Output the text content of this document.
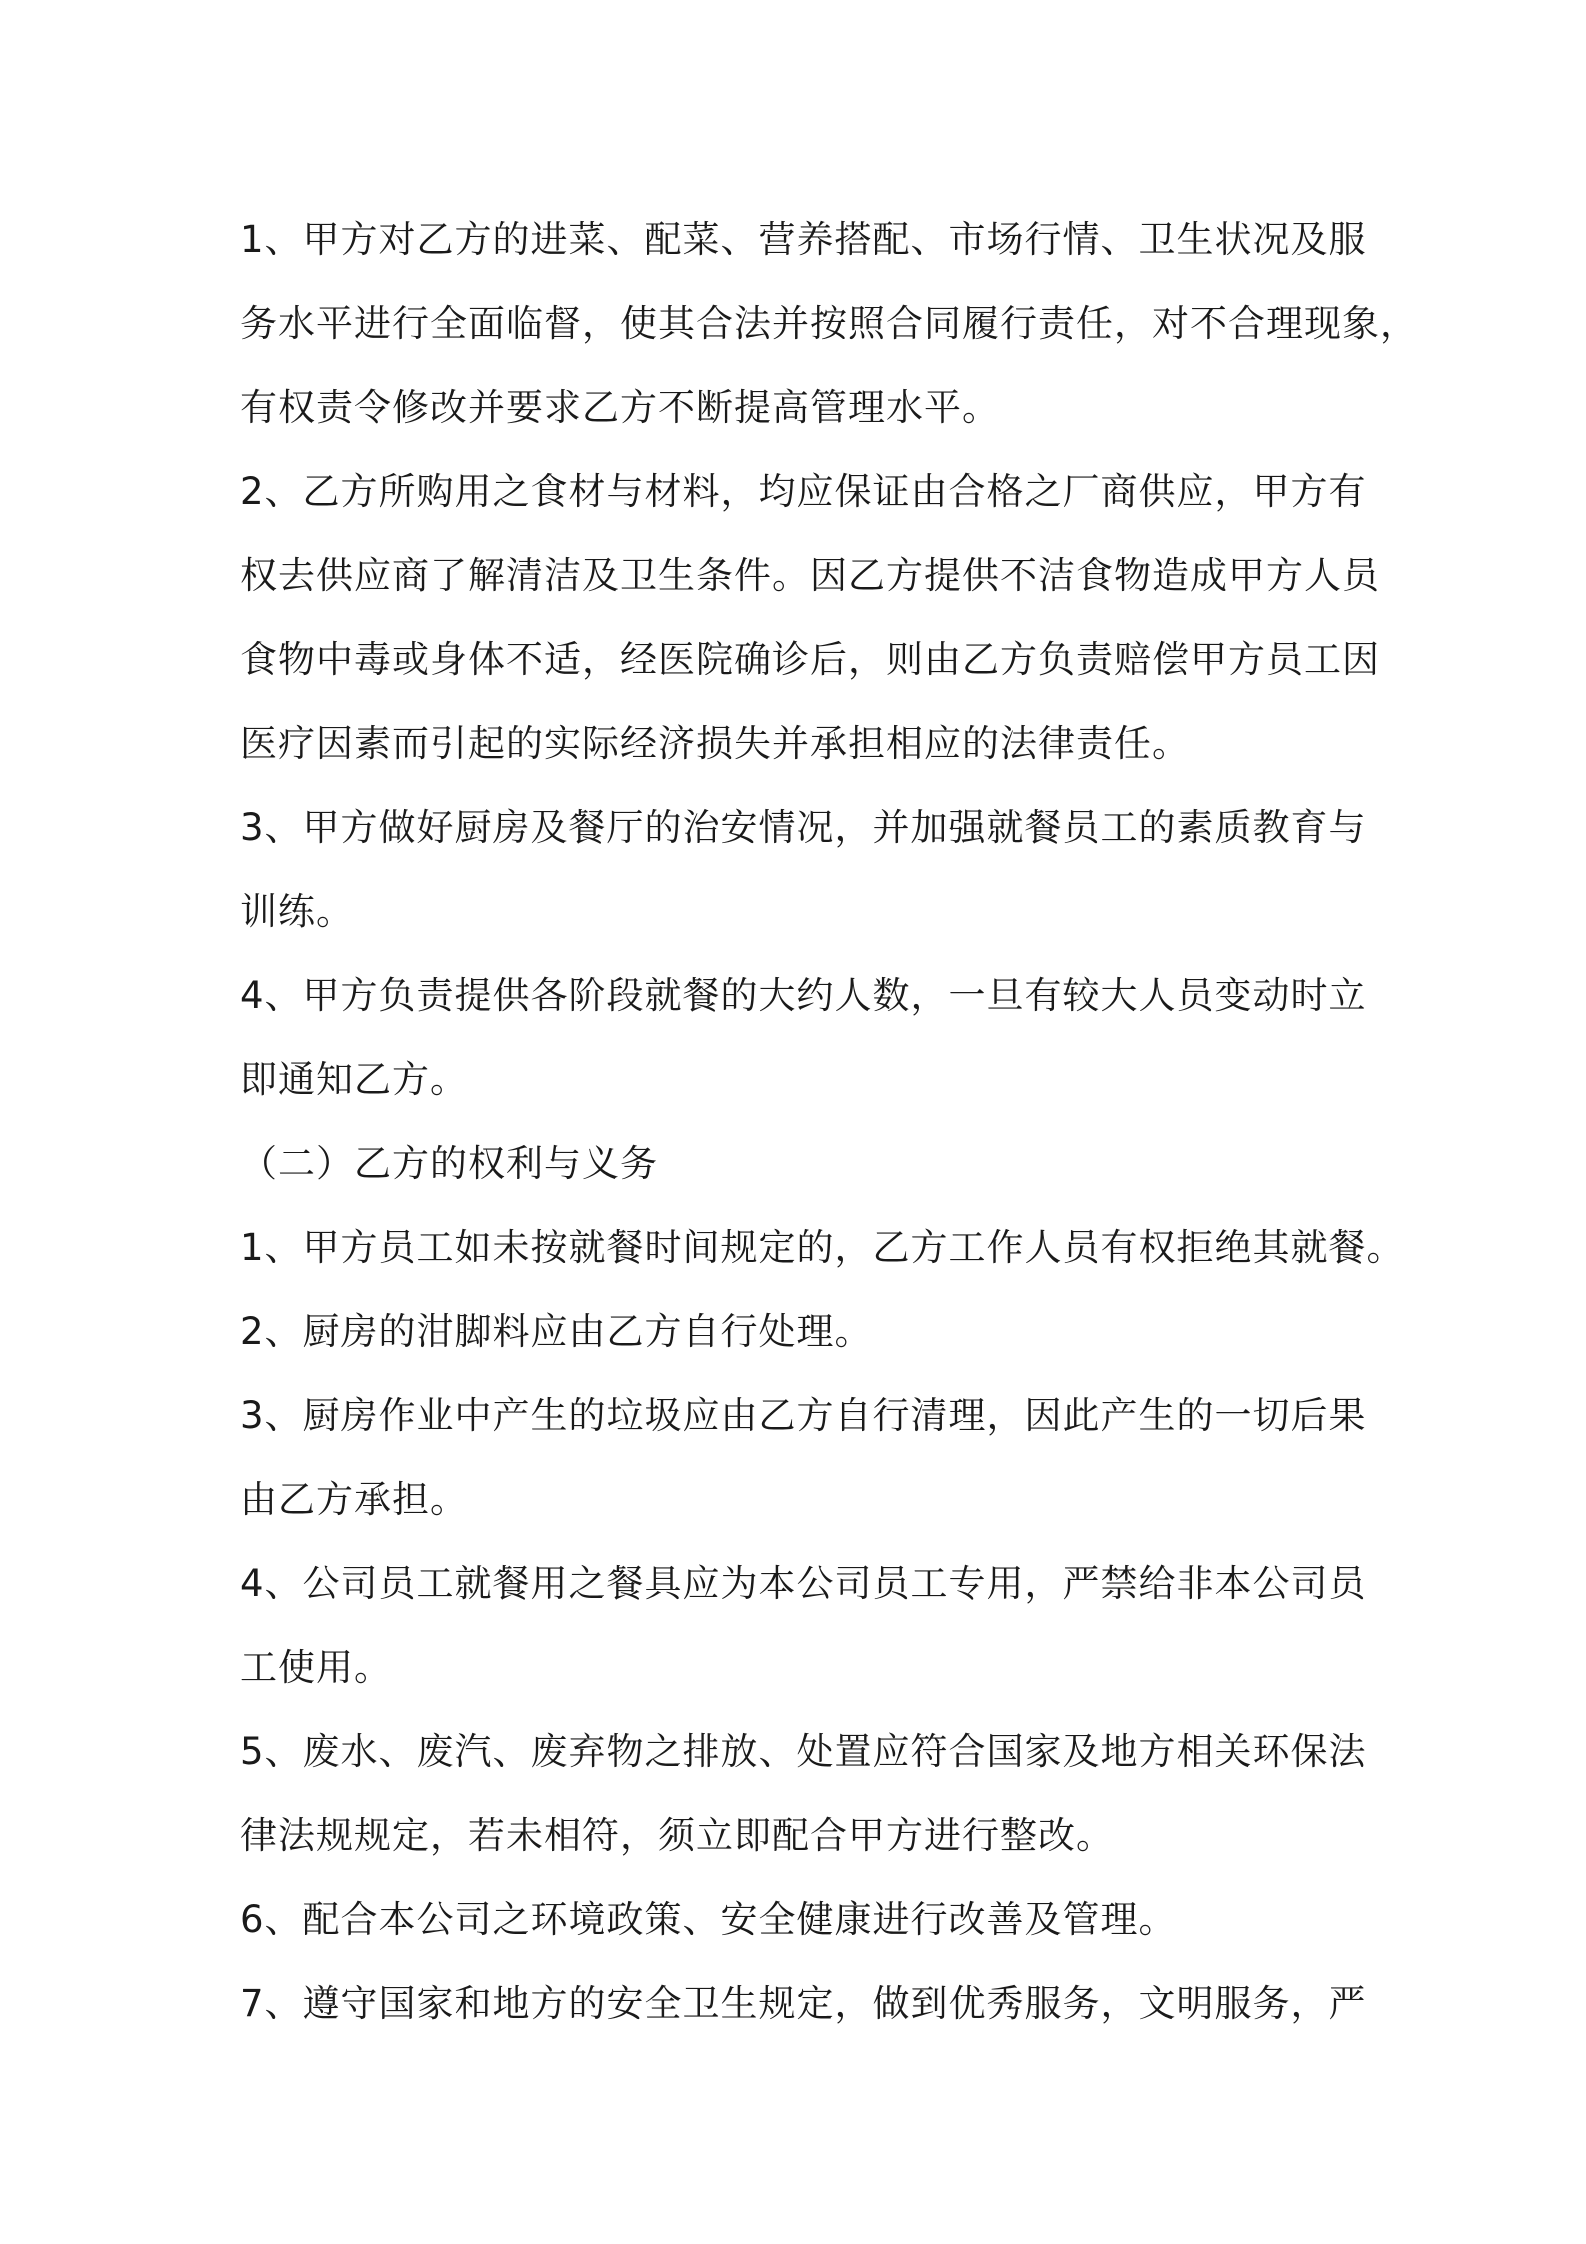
1、甲方对乙方的进菜、配菜、营养搭配、市场行情、卫生状况及服
务水平进行全面临督，使其合法并按照合同履行责任，对不合理现象，
有权责令修改并要求乙方不断提高管理水平。
2、乙方所购用之食材与材料，均应保证由合格之厂商供应，甲方有
权去供应商了解清洁及卫生条件。因乙方提供不洁食物造成甲方人员
食物中毒或身体不适，经医院确诊后，则由乙方负责赔偿甲方员工因
医疗因素而引起的实际经济损失并承担相应的法律责任。
3、甲方做好厨房及餐厅的治安情况，并加强就餐员工的素质教育与
训练。
4、甲方负责提供各阶段就餐的大约人数，一旦有较大人员变动时立
即通知乙方。
（二）乙方的权利与义务
1、甲方员工如未按就餐时间规定的，乙方工作人员有权拒绝其就餐。
2、厨房的泔脚料应由乙方自行处理。
3、厨房作业中产生的垃圾应由乙方自行清理，因此产生的一切后果
由乙方承担。
4、公司员工就餐用之餐具应为本公司员工专用，严禁给非本公司员
工使用。
5、废水、废汽、废弃物之排放、处置应符合国家及地方相关环保法
律法规规定，若未相符，须立即配合甲方进行整改。
6、配合本公司之环境政策、安全健康进行改善及管理。
7、遵守国家和地方的安全卫生规定，做到优秀服务，文明服务，严
